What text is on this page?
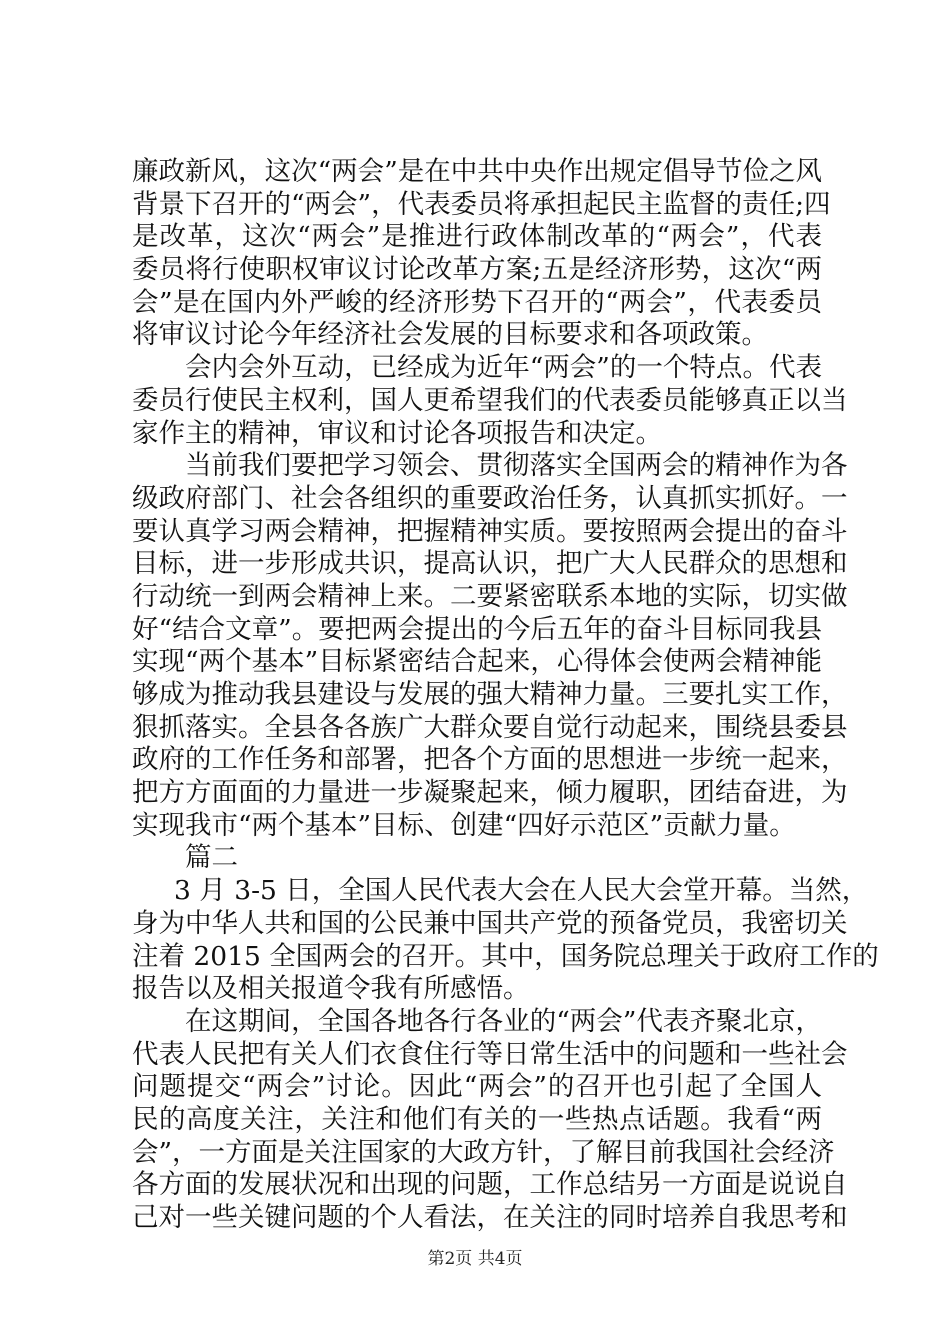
廉政新风，这次“两会”是在中共中央作出规定倡导节俭之风
背景下召开的“两会”，代表委员将承担起民主监督的责任;四
是改革，这次“两会”是推进行政体制改革的“两会”，代表
委员将行使职权审议讨论改革方案;五是经济形势，这次“两
会”是在国内外严峻的经济形势下召开的“两会”，代表委员
将审议讨论今年经济社会发展的目标要求和各项政策。
会内会外互动，已经成为近年“两会”的一个特点。代表
委员行使民主权利，国人更希望我们的代表委员能够真正以当
家作主的精神，审议和讨论各项报告和决定。
当前我们要把学习领会、贯彻落实全国两会的精神作为各
级政府部门、社会各组织的重要政治任务，认真抓实抓好。一
要认真学习两会精神，把握精神实质。要按照两会提出的奋斗
目标，进一步形成共识，提高认识，把广大人民群众的思想和
行动统一到两会精神上来。二要紧密联系本地的实际，切实做
好“结合文章”。要把两会提出的今后五年的奋斗目标同我县
实现“两个基本”目标紧密结合起来，心得体会使两会精神能
够成为推动我县建设与发展的强大精神力量。三要扎实工作，
狠抓落实。全县各各族广大群众要自觉行动起来，围绕县委县
政府的工作任务和部署，把各个方面的思想进一步统一起来，
把方方面面的力量进一步凝聚起来，倾力履职，团结奋进，为
实现我市“两个基本”目标、创建“四好示范区”贡献力量。
篇二
3 月 3-5 日，全国人民代表大会在人民大会堂开幕。当然，
身为中华人共和国的公民兼中国共产党的预备党员，我密切关
注着 2015 全国两会的召开。其中，国务院总理关于政府工作的
报告以及相关报道令我有所感悟。
在这期间，全国各地各行各业的“两会”代表齐聚北京，
代表人民把有关人们衣食住行等日常生活中的问题和一些社会
问题提交“两会”讨论。因此“两会”的召开也引起了全国人
民的高度关注，关注和他们有关的一些热点话题。我看“两
会”，一方面是关注国家的大政方针，了解目前我国社会经济
各方面的发展状况和出现的问题，工作总结另一方面是说说自
己对一些关键问题的个人看法，在关注的同时培养自我思考和
第2页 共4页
